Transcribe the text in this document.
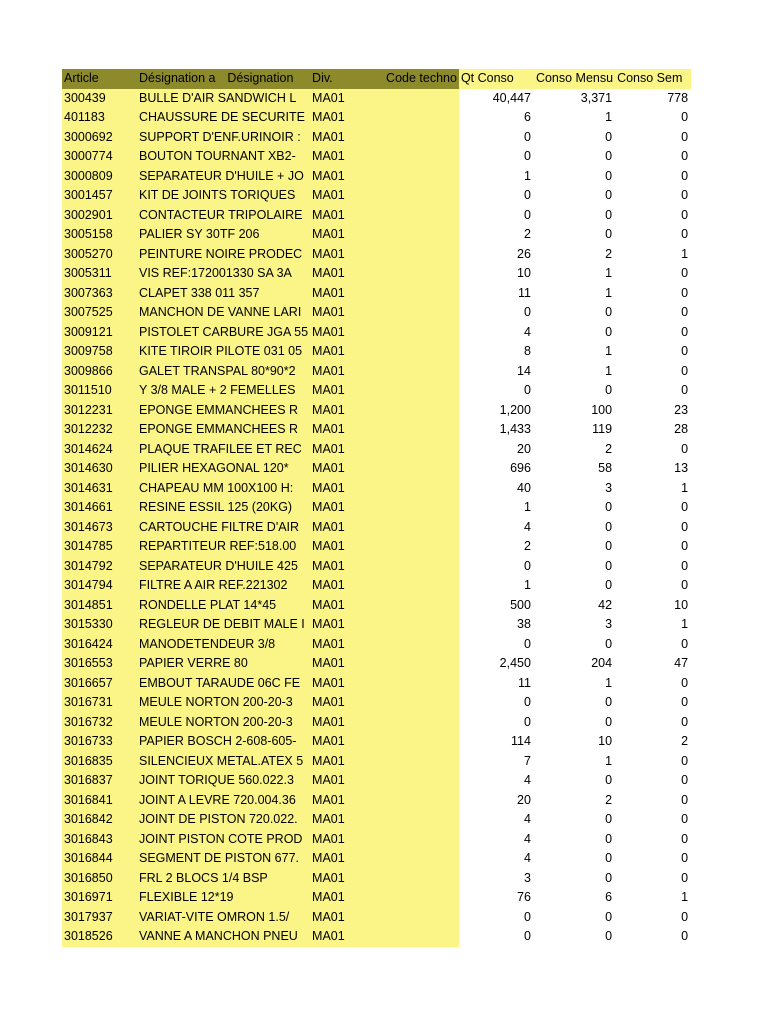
Article	Désignation a	Désignation	Div.	Code techno	Qt Conso	Conso Mensu	Conso Sem

300439	BULLE D'AIR SANDWICH L		MA01		40,447	3,371	778

401183	CHAUSSURE DE SECURITE		MA01		6	1	0

3000692	SUPPORT D'ENF.URINOIR :		MA01		0	0	0

3000774	BOUTON TOURNANT XB2-		MA01		0	0	0

3000809	SEPARATEUR D'HUILE + JO		MA01		1	0	0

3001457	KIT DE JOINTS TORIQUES		MA01		0	0	0

3002901	CONTACTEUR TRIPOLAIRE		MA01		0	0	0

3005158	PALIER SY 30TF 206		MA01		2	0	0

3005270	PEINTURE NOIRE PRODEC		MA01		26	2	1

3005311	VIS REF:172001330 SA 3A		MA01		10	1	0

3007363	CLAPET 338 011 357		MA01		11	1	0

3007525	MANCHON DE VANNE LARI		MA01		0	0	0

3009121	PISTOLET CARBURE JGA 55		MA01		4	0	0

3009758	KITE TIROIR PILOTE 031 05		MA01		8	1	0

3009866	GALET TRANSPAL 80*90*2		MA01		14	1	0

3011510	Y 3/8 MALE + 2 FEMELLES		MA01		0	0	0

3012231	EPONGE EMMANCHEES R		MA01		1,200	100	23

3012232	EPONGE EMMANCHEES R		MA01		1,433	119	28

3014624	PLAQUE TRAFILEE ET REC		MA01		20	2	0

3014630	PILIER HEXAGONAL 120*		MA01		696	58	13

3014631	CHAPEAU MM 100X100 H:		MA01		40	3	1

3014661	RESINE ESSIL 125 (20KG)		MA01		1	0	0

3014673	CARTOUCHE FILTRE D'AIR		MA01		4	0	0

3014785	REPARTITEUR REF:518.00		MA01		2	0	0

3014792	SEPARATEUR D'HUILE 425		MA01		0	0	0

3014794	FILTRE A AIR REF.221302		MA01		1	0	0

3014851	RONDELLE PLAT 14*45		MA01		500	42	10

3015330	REGLEUR DE DEBIT MALE I		MA01		38	3	1

3016424	MANODETENDEUR 3/8		MA01		0	0	0

3016553	PAPIER VERRE 80		MA01		2,450	204	47

3016657	EMBOUT TARAUDE 06C FE		MA01		11	1	0

3016731	MEULE NORTON 200-20-3		MA01		0	0	0

3016732	MEULE NORTON 200-20-3		MA01		0	0	0

3016733	PAPIER BOSCH 2-608-605-		MA01		114	10	2

3016835	SILENCIEUX METAL.ATEX 5		MA01		7	1	0

3016837	JOINT TORIQUE 560.022.3		MA01		4	0	0

3016841	JOINT A LEVRE 720.004.36		MA01		20	2	0

3016842	JOINT DE PISTON 720.022.		MA01		4	0	0

3016843	JOINT PISTON COTE PROD		MA01		4	0	0

3016844	SEGMENT DE PISTON 677.		MA01		4	0	0

3016850	FRL 2 BLOCS 1/4 BSP		MA01		3	0	0

3016971	FLEXIBLE 12*19		MA01		76	6	1

3017937	VARIAT-VITE OMRON 1.5/		MA01		0	0	0

3018526	VANNE A MANCHON PNEU		MA01		0	0	0
